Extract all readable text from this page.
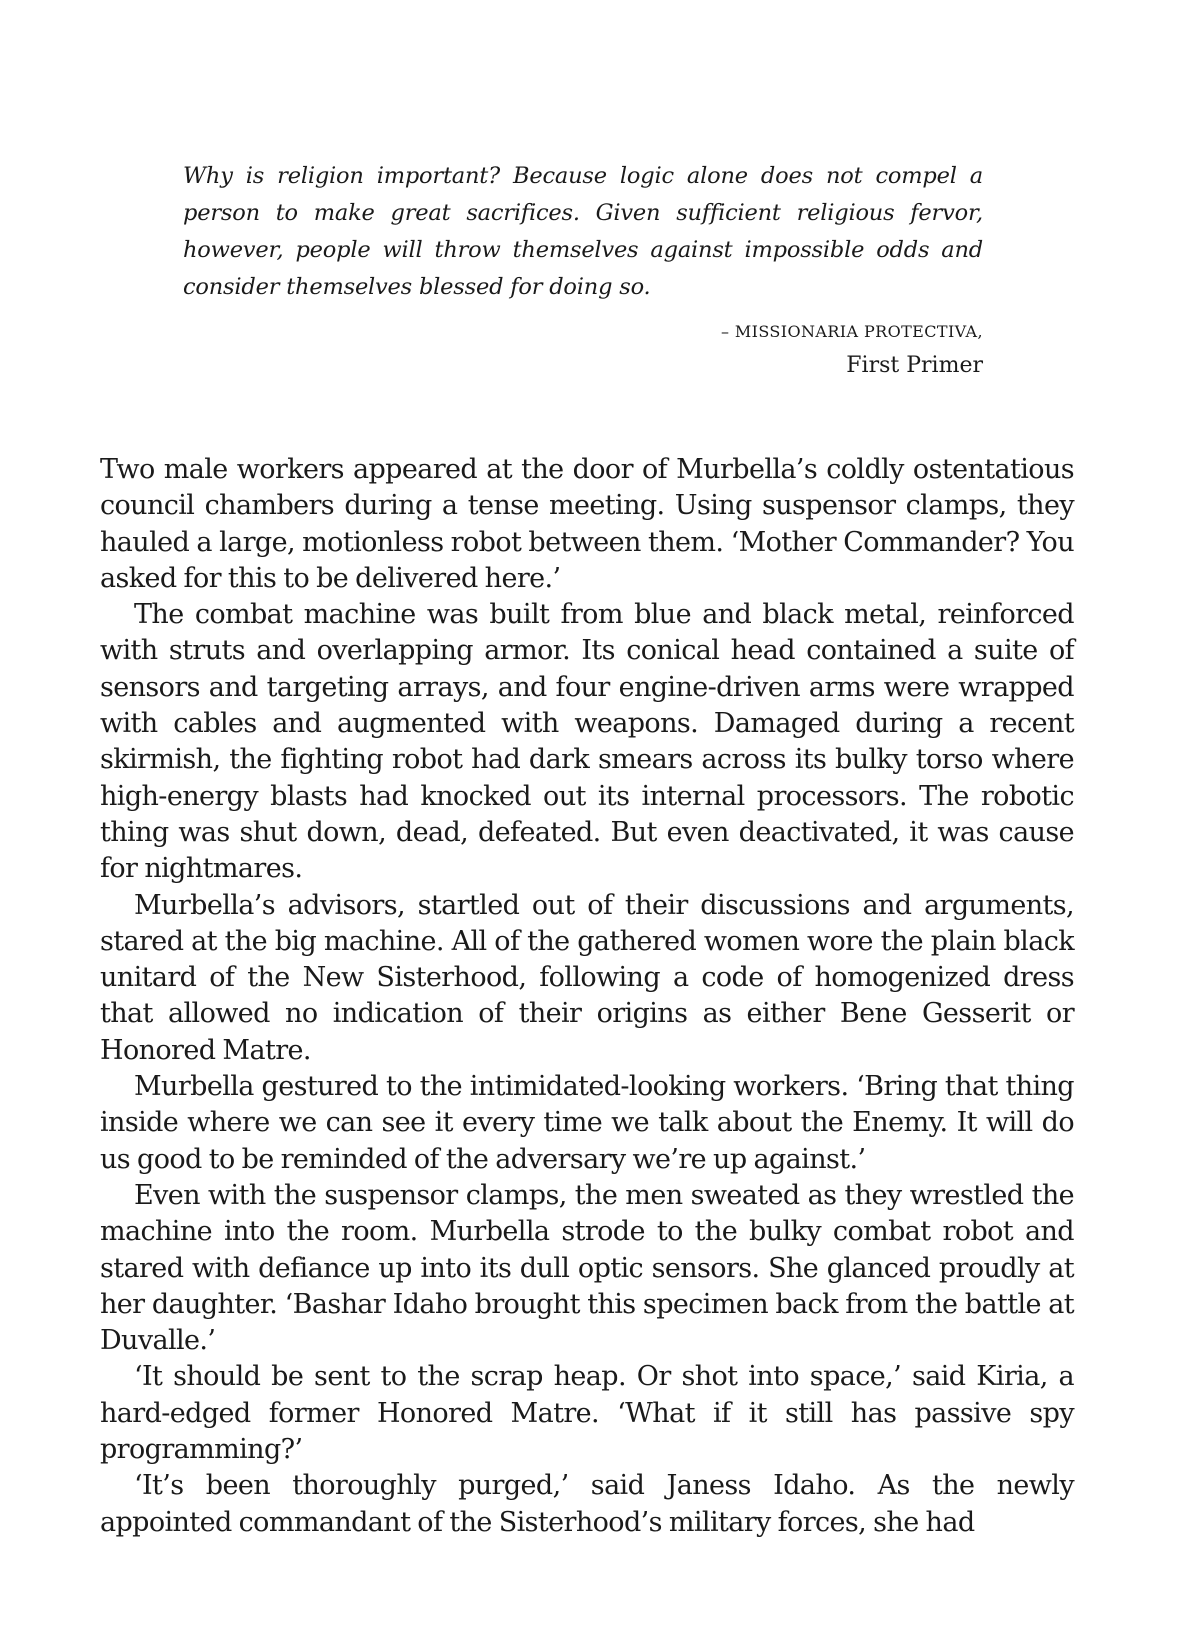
Why is religion important? Because logic alone does not compel a person to make great sacrifices. Given sufficient religious fervor, however, people will throw themselves against impossible odds and consider themselves blessed for doing so.

– MISSIONARIA PROTECTIVA,
First Primer

Two male workers appeared at the door of Murbella’s coldly ostentatious council chambers during a tense meeting. Using suspensor clamps, they hauled a large, motionless robot between them. ‘Mother Commander? You asked for this to be delivered here.’

The combat machine was built from blue and black metal, reinforced with struts and overlapping armor. Its conical head contained a suite of sensors and targeting arrays, and four engine-driven arms were wrapped with cables and augmented with weapons. Damaged during a recent skirmish, the fighting robot had dark smears across its bulky torso where high-energy blasts had knocked out its internal processors. The robotic thing was shut down, dead, defeated. But even deactivated, it was cause for nightmares.

Murbella’s advisors, startled out of their discussions and arguments, stared at the big machine. All of the gathered women wore the plain black unitard of the New Sisterhood, following a code of homogenized dress that allowed no indication of their origins as either Bene Gesserit or Honored Matre.

Murbella gestured to the intimidated-looking workers. ‘Bring that thing inside where we can see it every time we talk about the Enemy. It will do us good to be reminded of the adversary we’re up against.’

Even with the suspensor clamps, the men sweated as they wrestled the machine into the room. Murbella strode to the bulky combat robot and stared with defiance up into its dull optic sensors. She glanced proudly at her daughter. ‘Bashar Idaho brought this specimen back from the battle at Duvalle.’

‘It should be sent to the scrap heap. Or shot into space,’ said Kiria, a hard-edged former Honored Matre. ‘What if it still has passive spy programming?’

‘It’s been thoroughly purged,’ said Janess Idaho. As the newly appointed commandant of the Sisterhood’s military forces, she had
